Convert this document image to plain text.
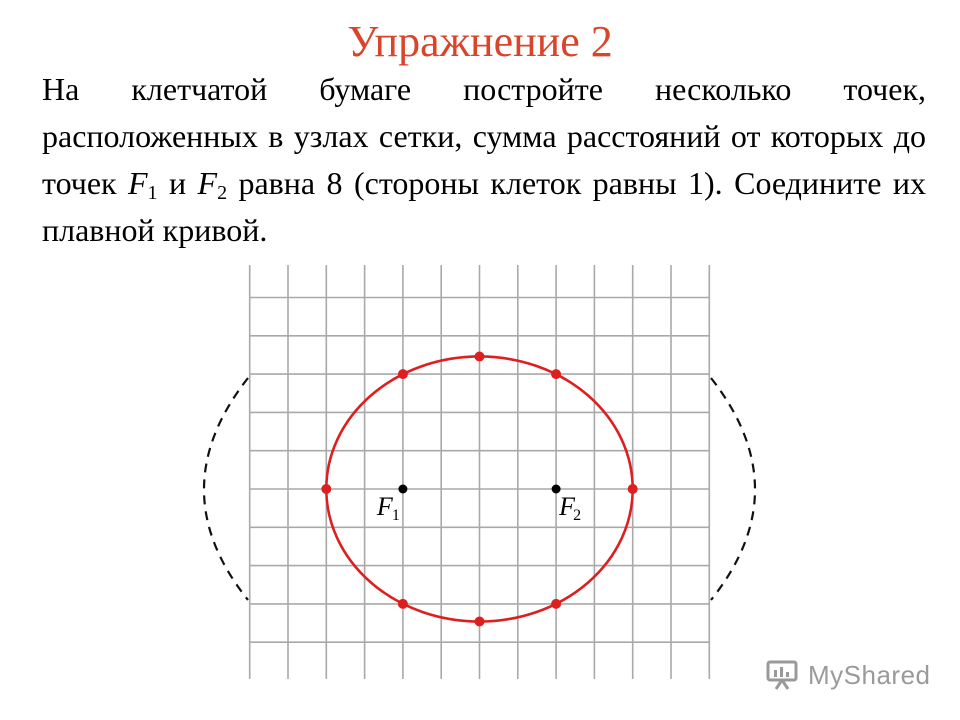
Упражнение 2
На клетчатой бумаге постройте несколько точек, расположенных в узлах сетки, сумма расстояний от которых до точек $F_1$ и $F_2$ равна 8 (стороны клеток равны 1). Соедините их плавной кривой.
F 1	F
2
MyShared
